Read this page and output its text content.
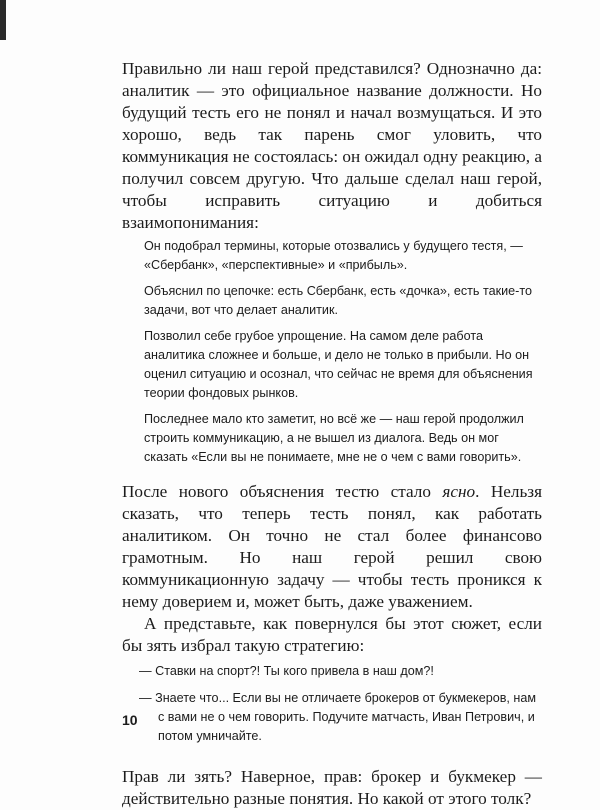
Правильно ли наш герой представился? Однозначно да: аналитик — это официальное название должности. Но будущий тесть его не понял и начал возмущаться. И это хорошо, ведь так парень смог уловить, что коммуникация не состоялась: он ожидал одну реакцию, а получил совсем другую. Что дальше сделал наш герой, чтобы исправить ситуацию и добиться взаимопонимания:

Он подобрал термины, которые отозвались у будущего тестя, — «Сбербанк», «перспективные» и «прибыль».

Объяснил по цепочке: есть Сбербанк, есть «дочка», есть такие-то задачи, вот что делает аналитик.

Позволил себе грубое упрощение. На самом деле работа аналитика сложнее и больше, и дело не только в прибыли. Но он оценил ситуацию и осознал, что сейчас не время для объяснения теории фондовых рынков.

Последнее мало кто заметит, но всё же — наш герой продолжил строить коммуникацию, а не вышел из диалога. Ведь он мог сказать «Если вы не понимаете, мне не о чем с вами говорить».

После нового объяснения тестю стало ясно. Нельзя сказать, что теперь тесть понял, как работать аналитиком. Он точно не стал более финансово грамотным. Но наш герой решил свою коммуникационную задачу — чтобы тесть проникся к нему доверием и, может быть, даже уважением.

А представьте, как повернулся бы этот сюжет, если бы зять избрал такую стратегию:

— Ставки на спорт?! Ты кого привела в наш дом?!

— Знаете что... Если вы не отличаете брокеров от букмекеров, нам с вами не о чем говорить. Подучите матчасть, Иван Петрович, и потом умничайте.

Прав ли зять? Наверное, прав: брокер и букмекер — действительно разные понятия. Но какой от этого толк?

10
